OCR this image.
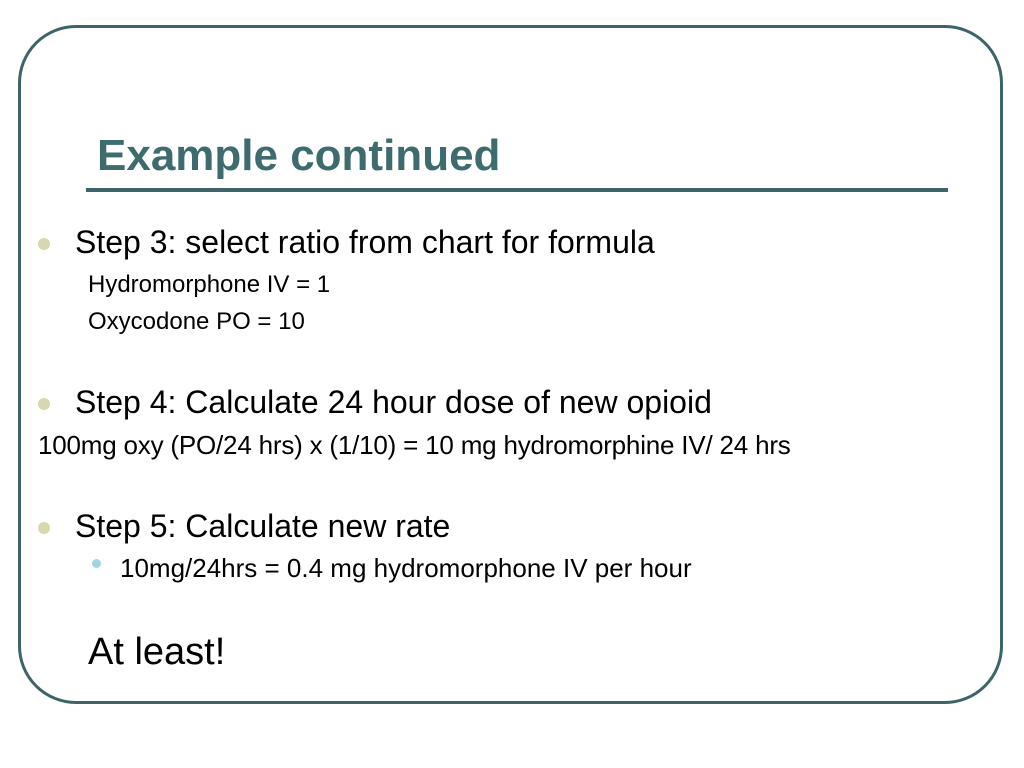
Example continued
Step 3: select ratio from chart for formula
Hydromorphone IV = 1
Oxycodone PO = 10
Step 4: Calculate 24 hour dose of new opioid
100mg oxy (PO/24 hrs) x (1/10) = 10 mg hydromorphine IV/ 24 hrs
Step 5: Calculate new rate
10mg/24hrs = 0.4 mg hydromorphone IV per hour
At least!
